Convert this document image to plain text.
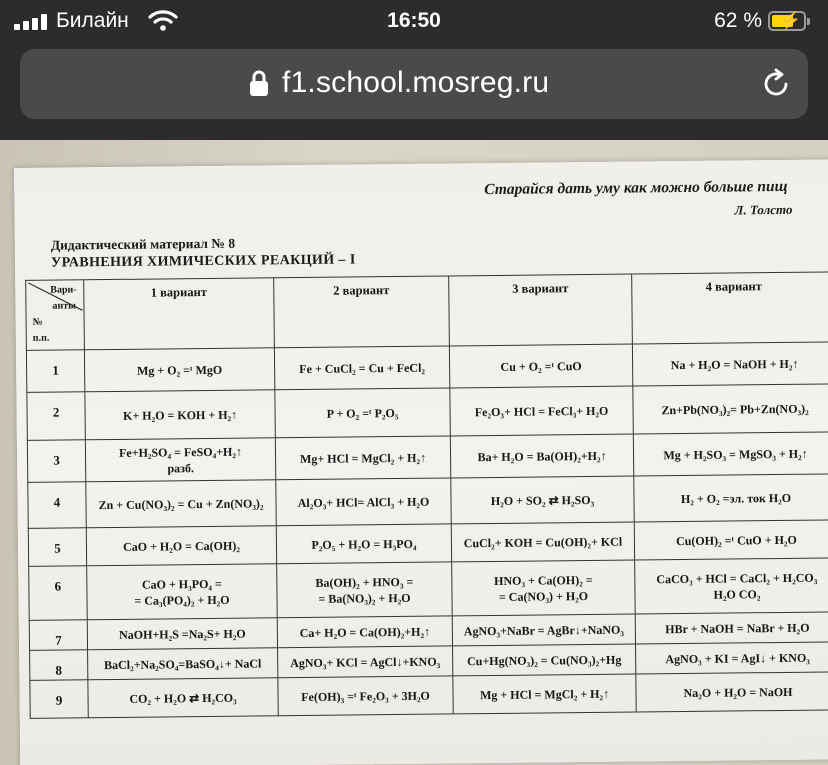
Билайн	16:50	62 % ⚡
f1.school.mosreg.ru
Старайся дать уму как можно больше пищ
Л. Толсто
Дидактический материал № 8
УРАВНЕНИЯ ХИМИЧЕСКИХ РЕАКЦИЙ – I
Вари-
анты
№
п.п.	1 вариант	2 вариант	3 вариант	4 вариант
1	Mg + O₂ =ᵗ MgO	Fe + CuCl₂ = Cu + FeCl₂	Cu + O₂ =ᵗ CuO	Na + H₂O = NaOH + H₂↑

2	K+ H₂O = KOH + H₂↑	P + O₂ =ᵗ P₂O₅	Fe₂O₃+ HCl = FeCl₃+ H₂O	Zn+Pb(NO₃)₂= Pb+Zn(NO₃)₂

3	Fe+H₂SO₄ = FeSO₄+H₂↑
разб.	Mg+ HCl = MgCl₂ + H₂↑	Ba+ H₂O = Ba(OH)₂+H₂↑	Mg + H₂SO₃ = MgSO₃ + H₂↑

4	Zn + Cu(NO₃)₂ = Cu + Zn(NO₃)₂	Al₂O₃+ HCl= AlCl₃ + H₂O	H₂O + SO₂ ⇄ H₂SO₃	H₂ + O₂ =эл. ток H₂O

5	CaO + H₂O = Ca(OH)₂	P₂O₅ + H₂O = H₃PO₄	CuCl₂+ KOH = Cu(OH)₂+ KCl	Cu(OH)₂ =ᵗ CuO + H₂O

6	CaO + H₃PO₄ =
= Ca₃(PO₄)₂ + H₂O	Ba(OH)₂ + HNO₃ =
= Ba(NO₃)₂ + H₂O	HNO₃ + Ca(OH)₂ =
= Ca(NO₃) + H₂O	CaCO₃ + HCl = CaCl₂ + H₂CO₃
H₂O CO₂

7	NaOH+H₂S =Na₂S+ H₂O	Ca+ H₂O = Ca(OH)₂+H₂↑	AgNO₃+NaBr = AgBr↓+NaNO₃	HBr + NaOH = NaBr + H₂O

8	BaCl₂+Na₂SO₄=BaSO₄↓+ NaCl	AgNO₃+ KCl = AgCl↓+KNO₃	Cu+Hg(NO₃)₂ = Cu(NO₃)₂+Hg	AgNO₃ + KI = AgI↓ + KNO₃

9	CO₂ + H₂O ⇄ H₂CO₃	Fe(OH)₃ =ᵗ Fe₂O₃ + 3H₂O	Mg + HCl = MgCl₂ + H₂↑	Na₂O + H₂O = NaOH
